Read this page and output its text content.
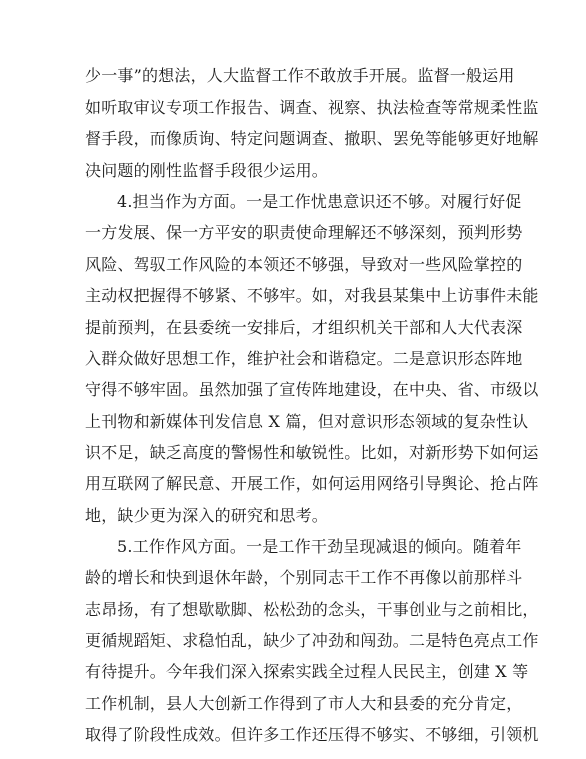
少一事”的想法，人大监督工作不敢放手开展。监督一般运用
如听取审议专项工作报告、调查、视察、执法检查等常规柔性监
督手段，而像质询、特定问题调查、撤职、罢免等能够更好地解
决问题的刚性监督手段很少运用。
4.担当作为方面。一是工作忧患意识还不够。对履行好促
一方发展、保一方平安的职责使命理解还不够深刻，预判形势
风险、驾驭工作风险的本领还不够强，导致对一些风险掌控的
主动权把握得不够紧、不够牢。如，对我县某集中上访事件未能
提前预判，在县委统一安排后，才组织机关干部和人大代表深
入群众做好思想工作，维护社会和谐稳定。二是意识形态阵地
守得不够牢固。虽然加强了宣传阵地建设，在中央、省、市级以
上刊物和新媒体刊发信息 X 篇，但对意识形态领域的复杂性认
识不足，缺乏高度的警惕性和敏锐性。比如，对新形势下如何运
用互联网了解民意、开展工作，如何运用网络引导舆论、抢占阵
地，缺少更为深入的研究和思考。
5.工作作风方面。一是工作干劲呈现减退的倾向。随着年
龄的增长和快到退休年龄，个别同志干工作不再像以前那样斗
志昂扬，有了想歇歇脚、松松劲的念头，干事创业与之前相比，
更循规蹈矩、求稳怕乱，缺少了冲劲和闯劲。二是特色亮点工作
有待提升。今年我们深入探索实践全过程人民民主，创建 X 等
工作机制，县人大创新工作得到了市人大和县委的充分肯定，
取得了阶段性成效。但许多工作还压得不够实、不够细，引领机
